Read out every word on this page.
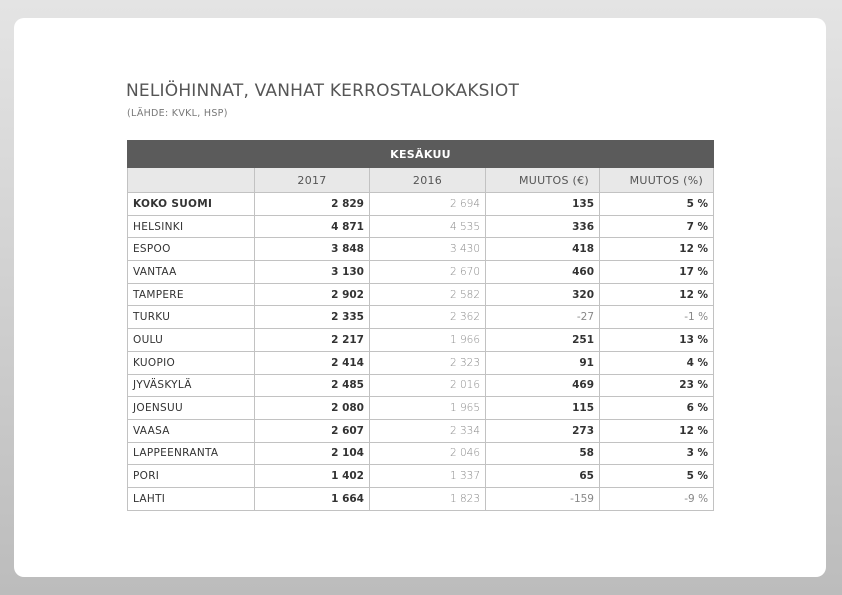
NELIÖHINNAT, VANHAT KERROSTALOKAKSIOT
(LÄHDE: KVKL, HSP)
KESÄKUU				
	2017	2016	MUUTOS (€)	MUUTOS (%)
KOKO SUOMI	2 829	2 694	135	5 %
HELSINKI	4 871	4 535	336	7 %
ESPOO	3 848	3 430	418	12 %
VANTAA	3 130	2 670	460	17 %
TAMPERE	2 902	2 582	320	12 %
TURKU	2 335	2 362	-27	-1 %
OULU	2 217	1 966	251	13 %
KUOPIO	2 414	2 323	91	4 %
JYVÄSKYLÄ	2 485	2 016	469	23 %
JOENSUU	2 080	1 965	115	6 %
VAASA	2 607	2 334	273	12 %
LAPPEENRANTA	2 104	2 046	58	3 %
PORI	1 402	1 337	65	5 %
LAHTI	1 664	1 823	-159	-9 %
